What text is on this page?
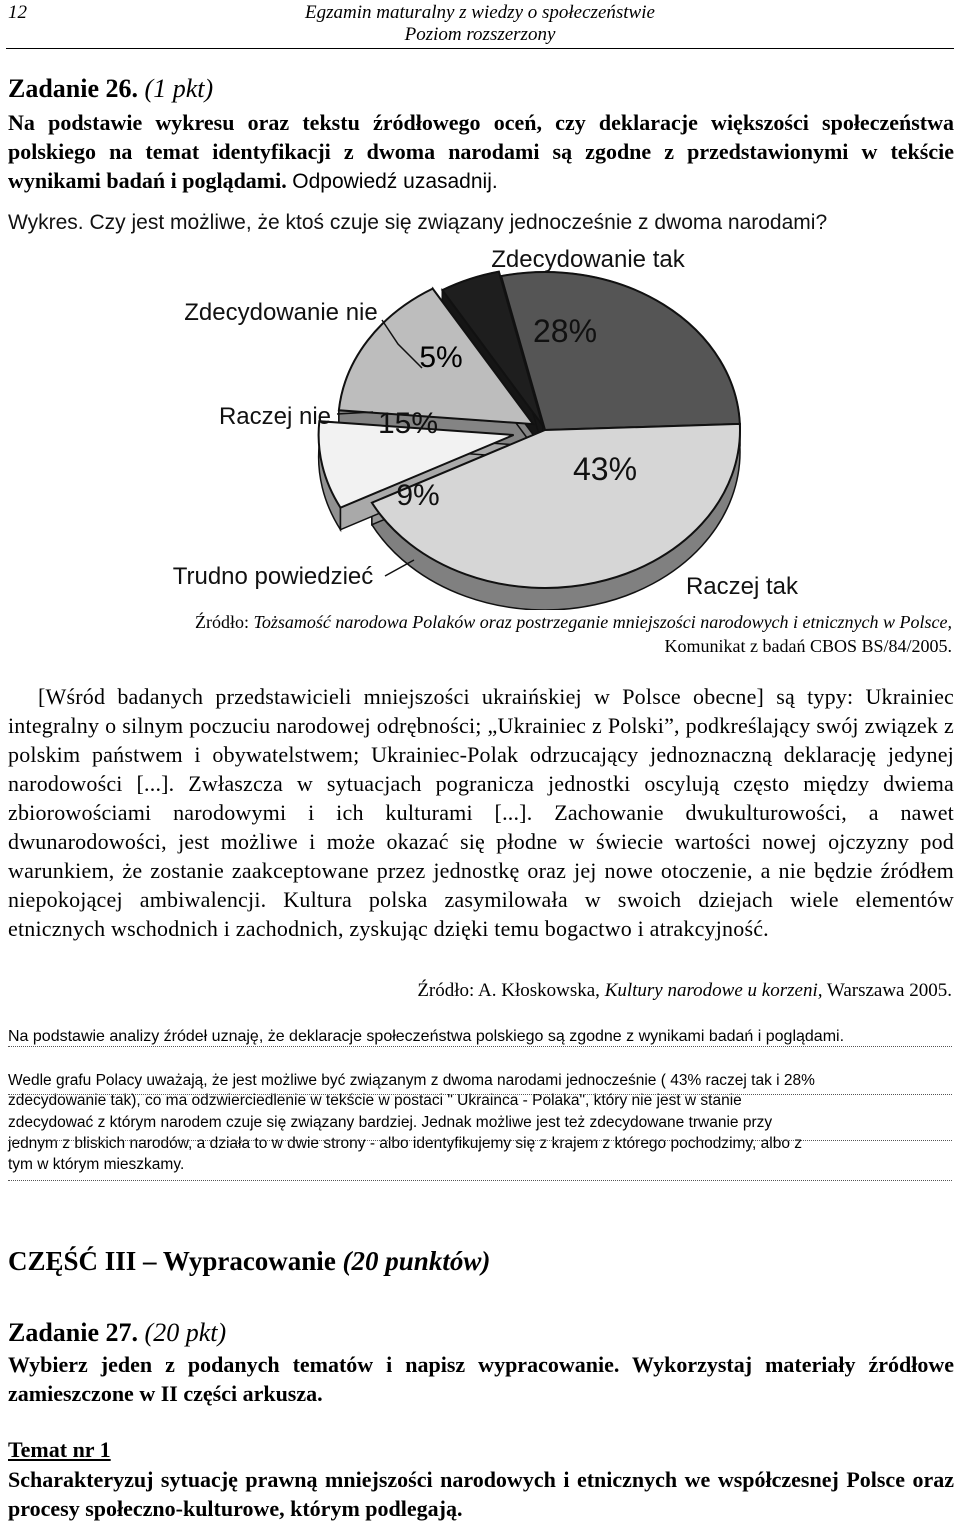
12	Egzamin maturalny z wiedzy o społeczeństwie
Poziom rozszerzony
Zadanie 26. (1 pkt)
Na podstawie wykresu oraz tekstu źródłowego oceń, czy deklaracje większości społeczeństwa polskiego na temat identyfikacji z dwoma narodami są zgodne z przedstawionymi w tekście wynikami badań i poglądami. Odpowiedź uzasadnij.
Wykres. Czy jest możliwe, że ktoś czuje się związany jednocześnie z dwoma narodami?
28%
Zdecydowanie tak
43%
Raczej tak
9%
Trudno powiedzieć
15%
Raczej nie
5%
Zdecydowanie nie
Źródło: Tożsamość narodowa Polaków oraz postrzeganie mniejszości narodowych i etnicznych w Polsce,
Komunikat z badań CBOS BS/84/2005.
[Wśród badanych przedstawicieli mniejszości ukraińskiej w Polsce obecne] są typy: Ukrainiec integralny o silnym poczuciu narodowej odrębności; „Ukrainiec z Polski”, podkreślający swój związek z polskim państwem i obywatelstwem; Ukrainiec-Polak odrzucający jednoznaczną deklarację jedynej narodowości [...]. Zwłaszcza w sytuacjach pogranicza jednostki oscylują często między dwiema zbiorowościami narodowymi i ich kulturami [...]. Zachowanie dwukulturowości, a nawet dwunarodowości, jest możliwe i może okazać się płodne w świecie wartości nowej ojczyzny pod warunkiem, że zostanie zaakceptowane przez jednostkę oraz jej nowe otoczenie, a nie będzie źródłem niepokojącej ambiwalencji. Kultura polska zasymilowała w swoich dziejach wiele elementów etnicznych wschodnich i zachodnich, zyskując dzięki temu bogactwo i atrakcyjność.
Źródło: A. Kłoskowska, Kultury narodowe u korzeni, Warszawa 2005.
Na podstawie analizy źródeł uznaję, że deklaracje społeczeństwa polskiego są zgodne z wynikami badań i poglądami.
Wedle grafu Polacy uważają, że jest możliwe być związanym z dwoma narodami jednocześnie ( 43% raczej tak i 28%
zdecydowanie tak), co ma odzwierciedlenie w tekście w postaci " Ukrainca - Polaka", który nie jest w stanie
zdecydować z którym narodem czuje się związany bardziej. Jednak możliwe jest też zdecydowane trwanie przy
jednym z bliskich narodów, a działa to w dwie strony - albo identyfikujemy się z krajem z którego pochodzimy, albo z
tym w którym mieszkamy.
CZĘŚĆ III – Wypracowanie (20 punktów)
Zadanie 27. (20 pkt)
Wybierz jeden z podanych tematów i napisz wypracowanie. Wykorzystaj materiały źródłowe zamieszczone w II części arkusza.
Temat nr 1
Scharakteryzuj sytuację prawną mniejszości narodowych i etnicznych we współczesnej Polsce oraz procesy społeczno-kulturowe, którym podlegają.
